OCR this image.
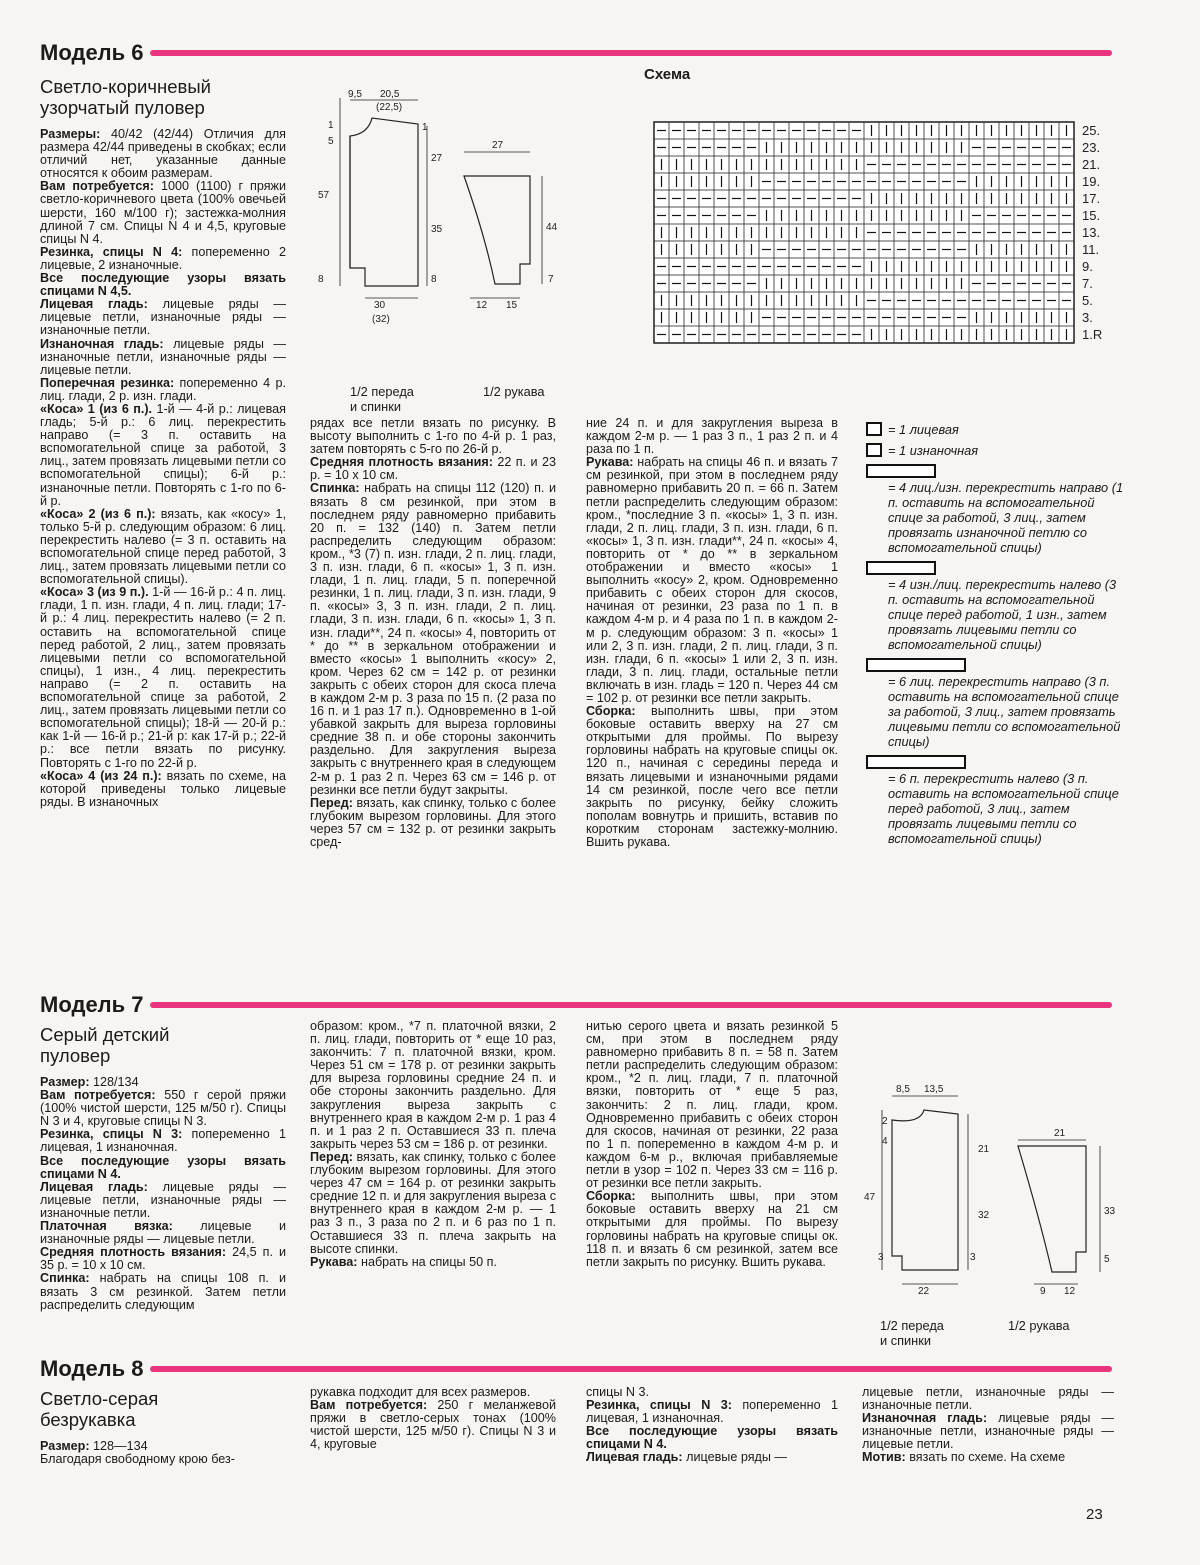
Модель 6
Светло-коричневый
узорчатый пуловер

Размеры: 40/42 (42/44) Отличия для размера 42/44 приведены в скобках; если отличий нет, указанные данные относятся к обоим размерам.

Вам потребуется: 1000 (1100) г пряжи светло-коричневого цвета (100% овечьей шерсти, 160 м/100 г); застежка-молния длиной 7 см. Спицы N 4 и 4,5, круговые спицы N 4.

Резинка, спицы N 4: попеременно 2 лицевые, 2 изнаночные.

Все последующие узоры вязать спицами N 4,5.

Лицевая гладь: лицевые ряды — лицевые петли, изнаночные ряды — изнаночные петли.

Изнаночная гладь: лицевые ряды — изнаночные петли, изнаночные ряды — лицевые петли.

Поперечная резинка: попеременно 4 р. лиц. глади, 2 р. изн. глади.

«Коса» 1 (из 6 п.). 1-й — 4-й р.: лицевая гладь; 5-й р.: 6 лиц. перекрестить направо (= 3 п. оставить на вспомогательной спице за работой, 3 лиц., затем провязать лицевыми петли со вспомогательной спицы); 6-й р.: изнаночные петли. Повторять с 1-го по 6-й р.

«Коса» 2 (из 6 п.): вязать, как «косу» 1, только 5-й р. следующим образом: 6 лиц. перекрестить налево (= 3 п. оставить на вспомогательной спице перед работой, 3 лиц., затем провязать лицевыми петли со вспомогательной спицы).

«Коса» 3 (из 9 п.). 1-й — 16-й р.: 4 п. лиц. глади, 1 п. изн. глади, 4 п. лиц. глади; 17-й р.: 4 лиц. перекрестить налево (= 2 п. оставить на вспомогательной спице перед работой, 2 лиц., затем провязать лицевыми петли со вспомогательной спицы), 1 изн., 4 лиц. перекрестить направо (= 2 п. оставить на вспомогательной спице за работой, 2 лиц., затем провязать лицевыми петли со вспомогательной спицы); 18-й — 20-й р.: как 1-й — 16-й р.; 21-й р: как 17-й р.; 22-й р.: все петли вязать по рисунку. Повторять с 1-го по 22-й р.

«Коса» 4 (из 24 п.): вязать по схеме, на которой приведены только лицевые ряды. В изнаночных

рядах все петли вязать по рисунку. В высоту выполнить с 1-го по 4-й р. 1 раз, затем повторять с 5-го по 26-й р.

Средняя плотность вязания: 22 п. и 23 р. = 10 х 10 см.

Спинка: набрать на спицы 112 (120) п. и вязать 8 см резинкой, при этом в последнем ряду равномерно прибавить 20 п. = 132 (140) п. Затем петли распределить следующим образом: кром., *3 (7) п. изн. глади, 2 п. лиц. глади, 3 п. изн. глади, 6 п. «косы» 1, 3 п. изн. глади, 1 п. лиц. глади, 5 п. поперечной резинки, 1 п. лиц. глади, 3 п. изн. глади, 9 п. «косы» 3, 3 п. изн. глади, 2 п. лиц. глади, 3 п. изн. глади, 6 п. «косы» 1, 3 п. изн. глади**, 24 п. «косы» 4, повторить от * до ** в зеркальном отображении и вместо «косы» 1 выполнить «косу» 2, кром. Через 62 см = 142 р. от резинки закрыть с обеих сторон для скоса плеча в каждом 2-м р. 3 раза по 15 п. (2 раза по 16 п. и 1 раз 17 п.). Одновременно в 1-ой убавкой закрыть для выреза горловины средние 38 п. и обе стороны закончить раздельно. Для закругления выреза закрыть с внутреннего края в следующем 2-м р. 1 раз 2 п. Через 63 см = 146 р. от резинки все петли будут закрыты.

Перед: вязать, как спинку, только с более глубоким вырезом горловины. Для этого через 57 см = 132 р. от резинки закрыть сред-

ние 24 п. и для закругления выреза в каждом 2-м р. — 1 раз 3 п., 1 раз 2 п. и 4 раза по 1 п.

Рукава: набрать на спицы 46 п. и вязать 7 см резинкой, при этом в последнем ряду равномерно прибавить 20 п. = 66 п. Затем петли распределить следующим образом: кром., *последние 3 п. «косы» 1, 3 п. изн. глади, 2 п. лиц. глади, 3 п. изн. глади, 6 п. «косы» 1, 3 п. изн. глади**, 24 п. «косы» 4, повторить от * до ** в зеркальном отображении и вместо «косы» 1 выполнить «косу» 2, кром. Одновременно прибавить с обеих сторон для скосов, начиная от резинки, 23 раза по 1 п. в каждом 4-м р. и 4 раза по 1 п. в каждом 2-м р. следующим образом: 3 п. «косы» 1 или 2, 3 п. изн. глади, 2 п. лиц. глади, 3 п. изн. глади, 6 п. «косы» 1 или 2, 3 п. изн. глади, 3 п. лиц. глади, остальные петли включать в изн. гладь = 120 п. Через 44 см = 102 р. от резинки все петли закрыть.

Сборка: выполнить швы, при этом боковые оставить вверху на 27 см открытыми для проймы. По вырезу горловины набрать на круговые спицы ок. 120 п., начиная с середины переда и вязать лицевыми и изнаночными рядами 14 см резинкой, после чего все петли закрыть по рисунку, бейку сложить пополам вовнутрь и пришить, вставив по коротким сторонам застежку-молнию. Вшить рукава.

9,5 20,5
(22,5)
1
5
1
27
57
35
8	8
30
(32)
27
44
7
12 15
1/2 переда
и спинки
1/2 рукава
Схема
25.
23.
21.
19.
17.
15.
13.
11.
9.
7.
5.
3.
1.R
= 1 лицевая
= 1 изнаночная
= 4 лиц./изн. перекрестить направо (1 п. оставить на вспомогательной спице за работой, 3 лиц., затем провязать изнаночной петлю со вспомогательной спицы)
= 4 изн./лиц. перекрестить налево (3 п. оставить на вспомогательной спице перед работой, 1 изн., затем провязать лицевыми петли со вспомогательной спицы)
= 6 лиц. перекрестить направо (3 п. оставить на вспомогательной спице за работой, 3 лиц., затем провязать лицевыми петли со вспомогательной спицы)
= 6 п. перекрестить налево (3 п. оставить на вспомогательной спице перед работой, 3 лиц., затем провязать лицевыми петли со вспомогательной спицы)
Модель 7
Серый детский
пуловер

Размер: 128/134

Вам потребуется: 550 г серой пряжи (100% чистой шерсти, 125 м/50 г). Спицы N 3 и 4, круговые спицы N 3.

Резинка, спицы N 3: попеременно 1 лицевая, 1 изнаночная.

Все последующие узоры вязать спицами N 4.

Лицевая гладь: лицевые ряды — лицевые петли, изнаночные ряды — изнаночные петли.

Платочная вязка: лицевые и изнаночные ряды — лицевые петли.

Средняя плотность вязания: 24,5 п. и 35 р. = 10 х 10 см.

Спинка: набрать на спицы 108 п. и вязать 3 см резинкой. Затем петли распределить следующим

образом: кром., *7 п. платочной вязки, 2 п. лиц. глади, повторить от * еще 10 раз, закончить: 7 п. платочной вязки, кром. Через 51 см = 178 р. от резинки закрыть для выреза горловины средние 24 п. и обе стороны закончить раздельно. Для закругления выреза закрыть с внутреннего края в каждом 2-м р. 1 раз 4 п. и 1 раз 2 п. Оставшиеся 33 п. плеча закрыть через 53 см = 186 р. от резинки.

Перед: вязать, как спинку, только с более глубоким вырезом горловины. Для этого через 47 см = 164 р. от резинки закрыть средние 12 п. и для закругления выреза с внутреннего края в каждом 2-м р. — 1 раз 3 п., 3 раза по 2 п. и 6 раз по 1 п. Оставшиеся 33 п. плеча закрыть на высоте спинки.

Рукава: набрать на спицы 50 п.

нитью серого цвета и вязать резинкой 5 см, при этом в последнем ряду равномерно прибавить 8 п. = 58 п. Затем петли распределить следующим образом: кром., *2 п. лиц. глади, 7 п. платочной вязки, повторить от * еще 5 раз, закончить: 2 п. лиц. глади, кром. Одновременно прибавить с обеих сторон для скосов, начиная от резинки, 22 раза по 1 п. попеременно в каждом 4-м р. и каждом 6-м р., включая прибавляемые петли в узор = 102 п. Через 33 см = 116 р. от резинки все петли закрыть.

Сборка: выполнить швы, при этом боковые оставить вверху на 21 см открытыми для проймы. По вырезу горловины набрать на круговые спицы ок. 118 п. и вязать 6 см резинкой, затем все петли закрыть по рисунку. Вшить рукава.

8,5 13,5
2
4
21
47
32
3	3
22
21
33
5
9 12
1/2 переда
и спинки
1/2 рукава
Модель 8
Светло-серая
безрукавка

Размер: 128—134

Благодаря свободному крою без-

рукавка подходит для всех размеров.

Вам потребуется: 250 г меланжевой пряжи в светло-серых тонах (100% чистой шерсти, 125 м/50 г). Спицы N 3 и 4, круговые

спицы N 3.

Резинка, спицы N 3: попеременно 1 лицевая, 1 изнаночная.

Все последующие узоры вязать спицами N 4.

Лицевая гладь: лицевые ряды —

лицевые петли, изнаночные ряды — изнаночные петли.

Изнаночная гладь: лицевые ряды — изнаночные петли, изнаночные ряды — лицевые петли.

Мотив: вязать по схеме. На схеме

23
